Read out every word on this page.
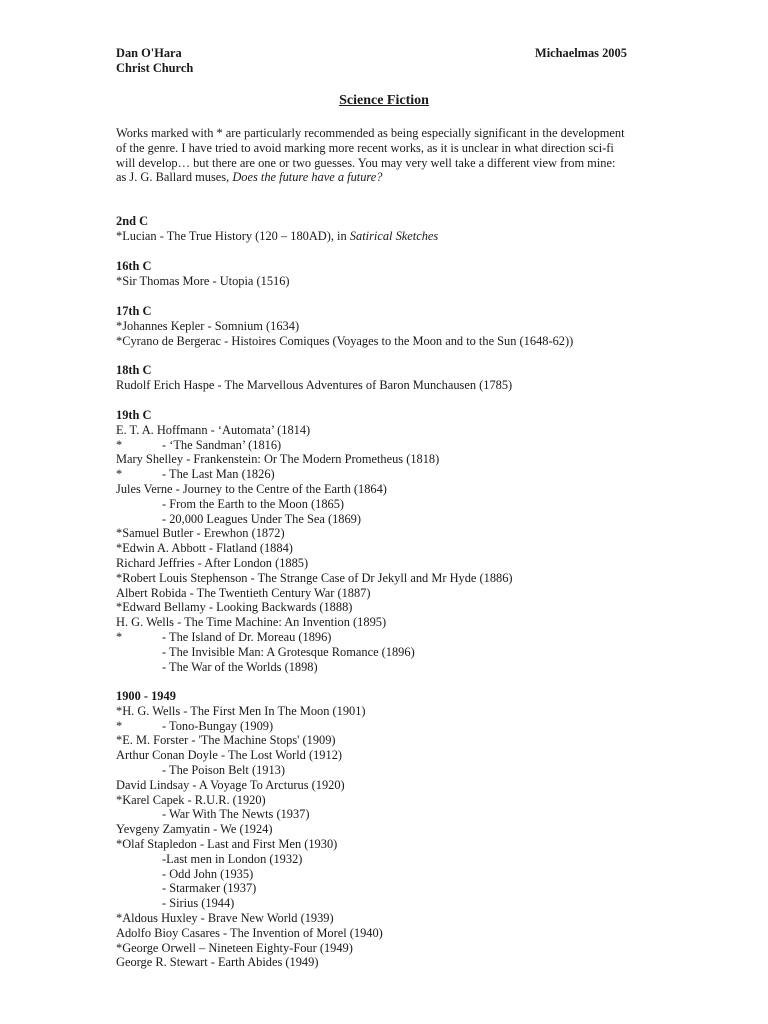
Dan O'Hara
Christ Church
Michaelmas 2005
Science Fiction
Works marked with * are particularly recommended as being especially significant in the development
of the genre. I have tried to avoid marking more recent works, as it is unclear in what direction sci-fi
will develop… but there are one or two guesses. You may very well take a different view from mine:
as J. G. Ballard muses, Does the future have a future?
2nd C
*Lucian - The True History (120 – 180AD), in Satirical Sketches
16th C
*Sir Thomas More - Utopia (1516)
17th C
*Johannes Kepler - Somnium (1634)
*Cyrano de Bergerac - Histoires Comiques (Voyages to the Moon and to the Sun (1648-62))
18th C
Rudolf Erich Haspe - The Marvellous Adventures of Baron Munchausen (1785)
19th C
E. T. A. Hoffmann - ‘Automata’ (1814)
*	- ‘The Sandman’ (1816)
Mary Shelley - Frankenstein: Or The Modern Prometheus (1818)
*	- The Last Man (1826)
Jules Verne - Journey to the Centre of the Earth (1864)
- From the Earth to the Moon (1865)
- 20,000 Leagues Under The Sea (1869)
*Samuel Butler - Erewhon (1872)
*Edwin A. Abbott - Flatland (1884)
Richard Jeffries - After London (1885)
*Robert Louis Stephenson - The Strange Case of Dr Jekyll and Mr Hyde (1886)
Albert Robida - The Twentieth Century War (1887)
*Edward Bellamy - Looking Backwards (1888)
H. G. Wells - The Time Machine: An Invention (1895)
*	- The Island of Dr. Moreau (1896)
- The Invisible Man: A Grotesque Romance (1896)
- The War of the Worlds (1898)
1900 - 1949
*H. G. Wells - The First Men In The Moon (1901)
*	- Tono-Bungay (1909)
*E. M. Forster - 'The Machine Stops' (1909)
Arthur Conan Doyle - The Lost World (1912)
- The Poison Belt (1913)
David Lindsay - A Voyage To Arcturus (1920)
*Karel Capek - R.U.R. (1920)
- War With The Newts (1937)
Yevgeny Zamyatin - We (1924)
*Olaf Stapledon - Last and First Men (1930)
-Last men in London (1932)
- Odd John (1935)
- Starmaker (1937)
- Sirius (1944)
*Aldous Huxley - Brave New World (1939)
Adolfo Bioy Casares - The Invention of Morel (1940)
*George Orwell – Nineteen Eighty-Four (1949)
George R. Stewart - Earth Abides (1949)
